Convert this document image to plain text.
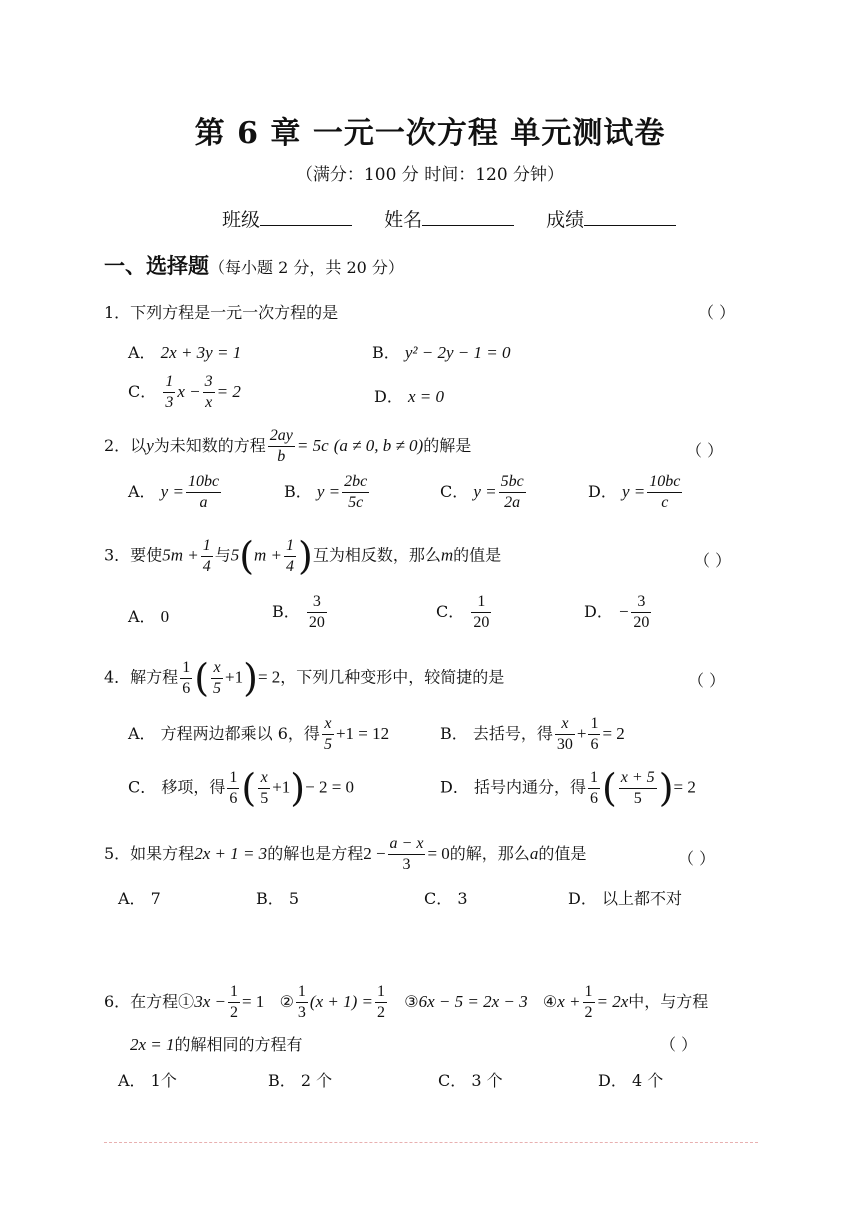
第 6 章 一元一次方程 单元测试卷
（满分：100 分 时间：120 分钟）
班级	姓名	成绩
一、选择题（每小题 2 分，共 20 分）
1．下列方程是一元一次方程的是	（ ）
A． 2x + 3y = 1	B． y² − 2y − 1 = 0
C． $\frac{1}{3}$ $x - \frac{3}{x} = 2$	D． x = 0
2．以y为未知数的方程 $\frac{2ay}{b} = 5c$ (a ≠ 0, b ≠ 0)的解是	（ ）
A． $y = \frac{10bc}{a}$	B． $y = \frac{2bc}{5c}$	C． $y = \frac{5bc}{2a}$	D． $y = \frac{10bc}{c}$
3．要使$5m + \frac{1}{4}$ 与$5(m + \frac{1}{4}$ )互为相反数，那么m的值是	（ ）
A． 0	B． $\frac{3}{20}$	C． $\frac{1}{20}$	D． − $\frac{3}{20}$
4．解方程 $\frac{1}{6}$ ( $\frac{x}{5} +1)= 2$，下列几种变形中，较简捷的是	（ ）
A． 方程两边都乘以 6，得 $\frac{x}{5} +1 = 12$	B． 去括号，得 $\frac{x}{30} + \frac{1}{6} = 2$
C． 移项，得 $\frac{1}{6}$ ( $\frac{x}{5} +1)- 2 = 0$	D． 括号内通分，得 $\frac{1}{6}$ ( $\frac{x + 5}{5}$ )= 2
5．如果方程2x + 1 = 3的解也是方程$2 - \frac{a - x}{3} = 0$的解，那么a的值是	（ ）
A． 7	B． 5	C． 3	D． 以上都不对
6．在方程①3x − $\frac{1}{2} = 1$ ② $\frac{1}{3} (x + 1) = \frac{1}{2}$ ③6x − 5 = 2x − 3 ④x + $\frac{1}{2} = 2x$中，与方程
2x = 1的解相同的方程有	（ ）
A． 1个	B． 2 个	C． 3 个	D． 4 个
